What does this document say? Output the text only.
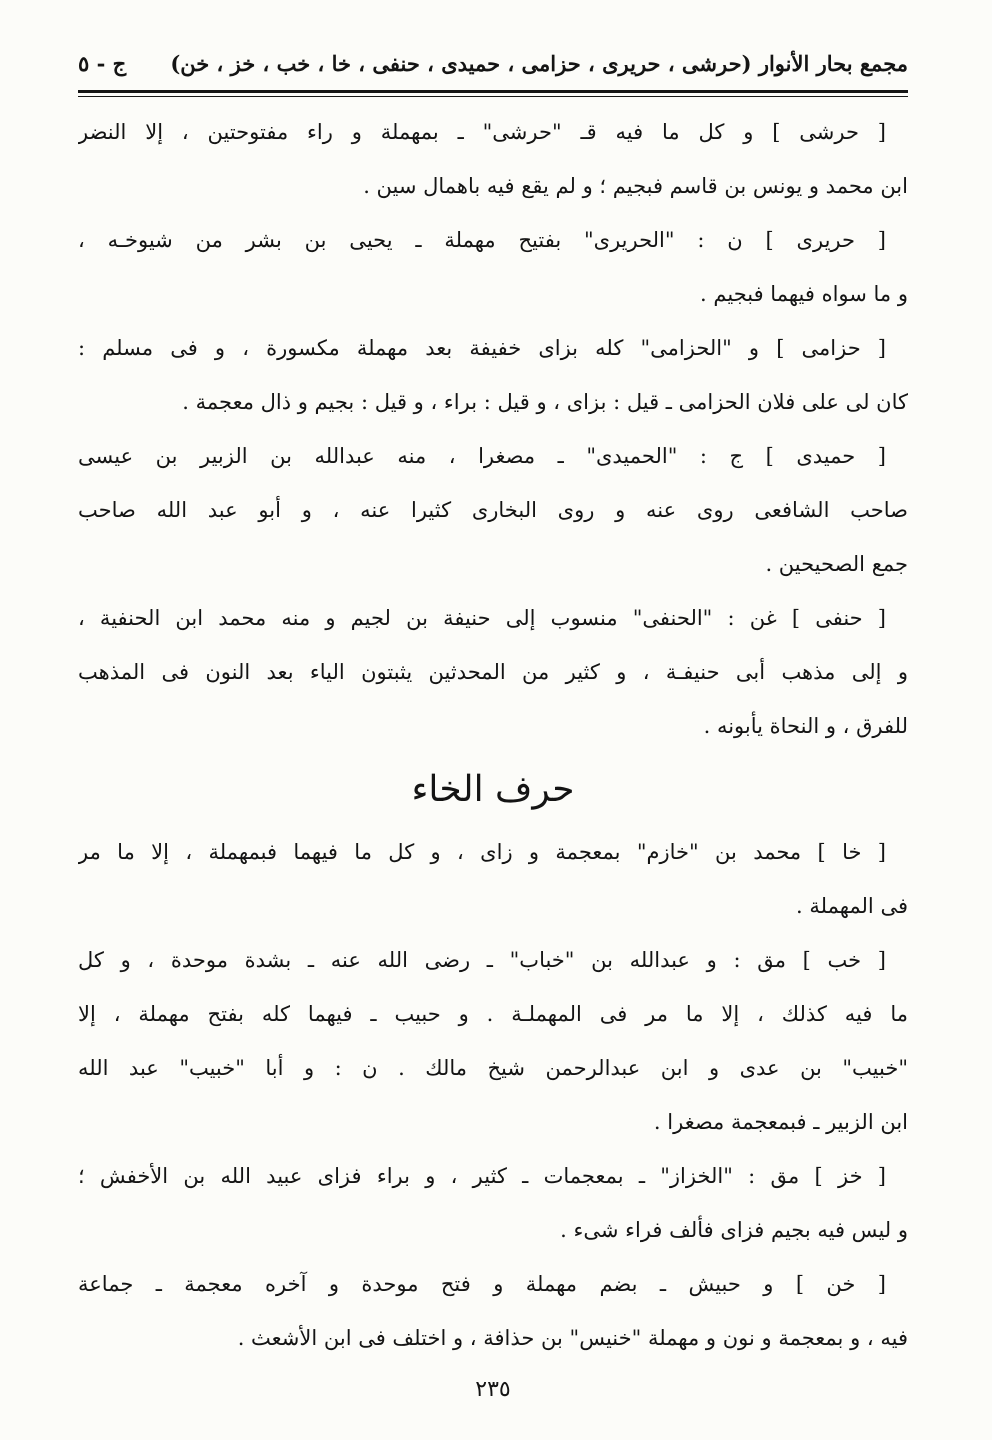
مجمع بحار الأنوار (حرشى ، حريرى ، حزامى ، حميدى ، حنفى ، خا ، خب ، خز ، خن)
ج - ٥
[ حرشى ] و كل ما فيه قـ "حرشى" ـ بمهملة و راء مفتوحتين ، إلا النضر
ابن محمد و يونس بن قاسم فبجيم ؛ و لم يقع فيه باهمال سين .
[ حريرى ] ن : "الحريرى" بفتيح مهملة ـ يحيى بن بشر من شيوخـه ،
و ما سواه فيهما فبجيم .
[ حزامى ] و "الحزامى" كله بزاى خفيفة بعد مهملة مكسورة ، و فى مسلم :
كان لى على فلان الحزامى ـ قيل : بزاى ، و قيل : براء ، و قيل : بجيم و ذال معجمة .
[ حميدى ] ج : "الحميدى" ـ مصغرا ، منه عبدالله بن الزبير بن عيسى
صاحب الشافعى روى عنه و روى البخارى كثيرا عنه ، و أبو عبد الله صاحب
جمع الصحيحين .
[ حنفى ] غن : "الحنفى" منسوب إلى حنيفة بن لجيم و منه محمد ابن الحنفية ،
و إلى مذهب أبى حنيفـة ، و كثير من المحدثين يثبتون الياء بعد النون فى المذهب
للفرق ، و النحاة يأبونه .
حرف الخاء
[ خا ] محمد بن "خازم" بمعجمة و زاى ، و كل ما فيهما فبمهملة ، إلا ما مر
فى المهملة .
[ خب ] مق : و عبدالله بن "خباب" ـ رضى الله عنه ـ بشدة موحدة ، و كل
ما فيه كذلك ، إلا ما مر فى المهملـة . و حبيب ـ فيهما كله بفتح مهملة ، إلا
"خبيب" بن عدى و ابن عبدالرحمن شيخ مالك . ن : و أبا "خبيب" عبد الله
ابن الزبير ـ فبمعجمة مصغرا .
[ خز ] مق : "الخزاز" ـ بمعجمات ـ كثير ، و براء فزاى عبيد الله بن الأخفش ؛
و ليس فيه بجيم فزاى فألف فراء شىء .
[ خن ] و حبيش ـ بضم مهملة و فتح موحدة و آخره معجمة ـ جماعة
فيه ، و بمعجمة و نون و مهملة "خنيس" بن حذافة ، و اختلف فى ابن الأشعث .
٢٣٥
